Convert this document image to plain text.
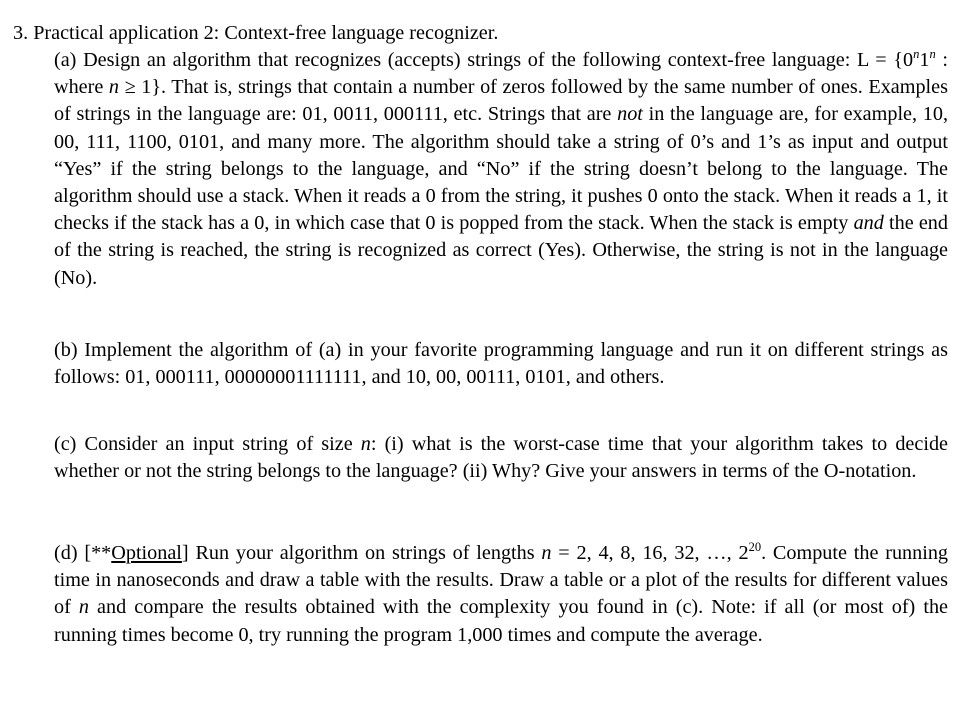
3. Practical application 2: Context-free language recognizer.

(a) Design an algorithm that recognizes (accepts) strings of the following context-free language: $L = \{0^n1^n$ : where n ≥ 1}. That is, strings that contain a number of zeros followed by the same number of ones. Examples of strings in the language are: 01, 0011, 000111, etc. Strings that are not in the language are, for example, 10, 00, 111, 1100, 0101, and many more. The algorithm should take a string of 0’s and 1’s as input and output “Yes” if the string belongs to the language, and “No” if the string doesn’t belong to the language. The algorithm should use a stack. When it reads a 0 from the string, it pushes 0 onto the stack. When it reads a 1, it checks if the stack has a 0, in which case that 0 is popped from the stack. When the stack is empty and the end of the string is reached, the string is recognized as correct (Yes). Otherwise, the string is not in the language (No).

(b) Implement the algorithm of (a) in your favorite programming language and run it on different strings as follows: 01, 000111, 00000001111111, and 10, 00, 00111, 0101, and others.

(c) Consider an input string of size n: (i) what is the worst-case time that your algorithm takes to decide whether or not the string belongs to the language? (ii) Why? Give your answers in terms of the O-notation.

(d) [**Optional] Run your algorithm on strings of lengths n = 2, 4, 8, 16, 32, …, $2^{20}$. Compute the running time in nanoseconds and draw a table with the results. Draw a table or a plot of the results for different values of n and compare the results obtained with the complexity you found in (c). Note: if all (or most of) the running times become 0, try running the program 1,000 times and compute the average.
